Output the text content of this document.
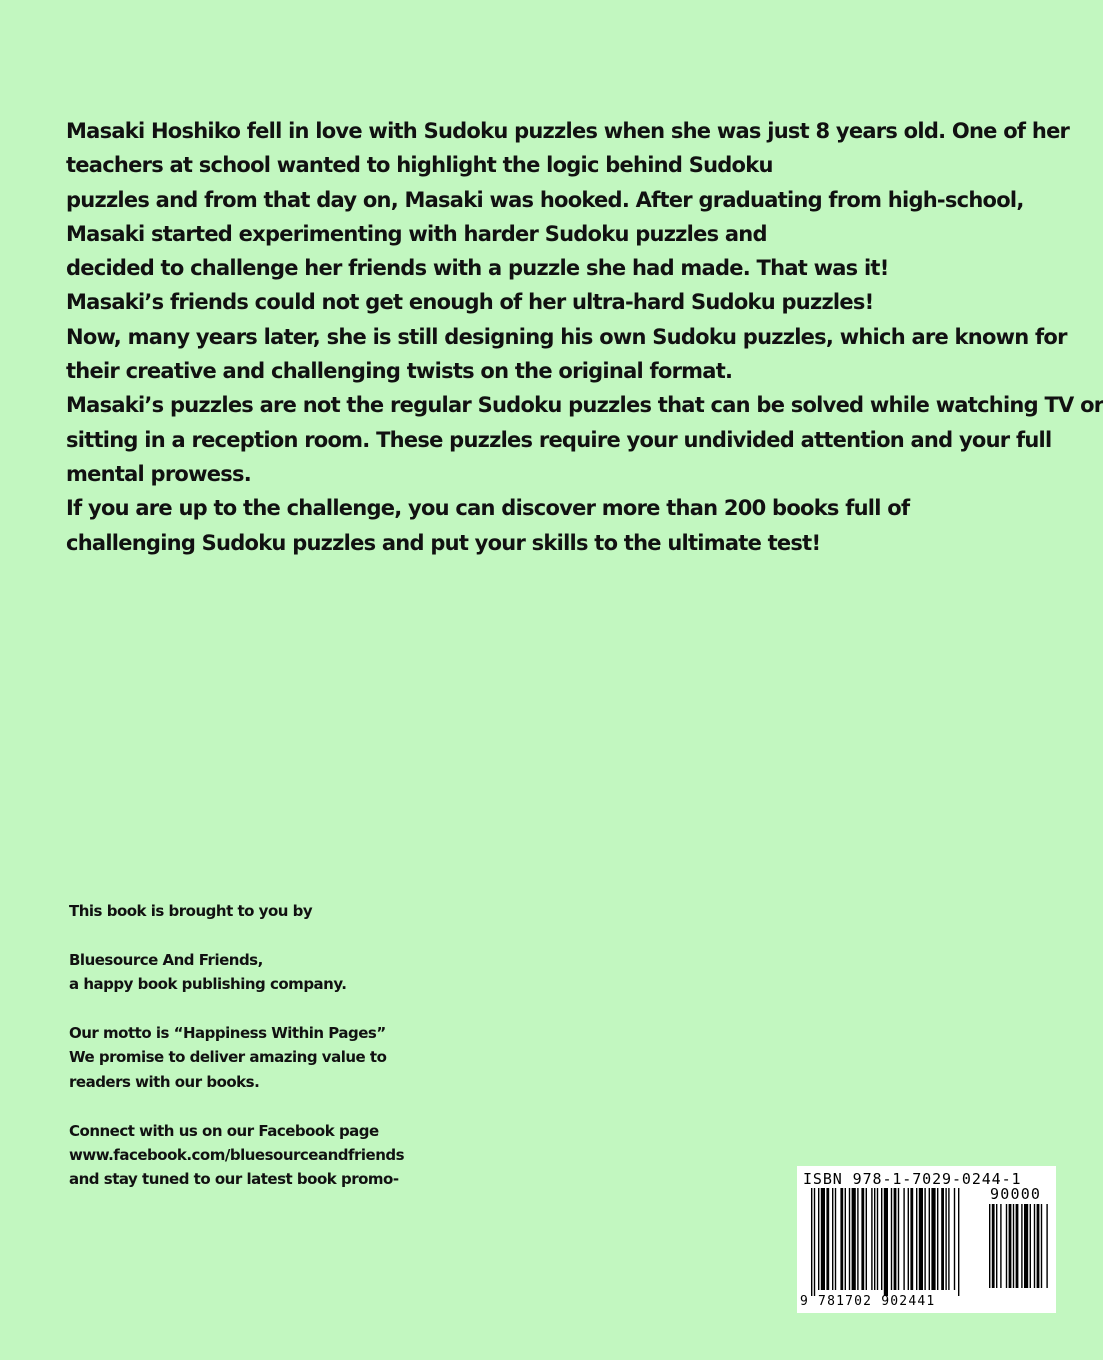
Masaki Hoshiko fell in love with Sudoku puzzles when she was just 8 years old. One of her
teachers at school wanted to highlight the logic behind Sudoku
puzzles and from that day on, Masaki was hooked. After graduating from high-school,
Masaki started experimenting with harder Sudoku puzzles and
decided to challenge her friends with a puzzle she had made. That was it!
Masaki’s friends could not get enough of her ultra-hard Sudoku puzzles!
Now, many years later, she is still designing his own Sudoku puzzles, which are known for
their creative and challenging twists on the original format.
Masaki’s puzzles are not the regular Sudoku puzzles that can be solved while watching TV or
sitting in a reception room. These puzzles require your undivided attention and your full
mental prowess.
If you are up to the challenge, you can discover more than 200 books full of
challenging Sudoku puzzles and put your skills to the ultimate test!
This book is brought to you by
Bluesource And Friends,
a happy book publishing company.
Our motto is “Happiness Within Pages”
We promise to deliver amazing value to
readers with our books.
Connect with us on our Facebook page
www.facebook.com/bluesourceandfriends
and stay tuned to our latest book promo-	ISBN 978-1-7029-0244-1
90000
9 781702 902441
